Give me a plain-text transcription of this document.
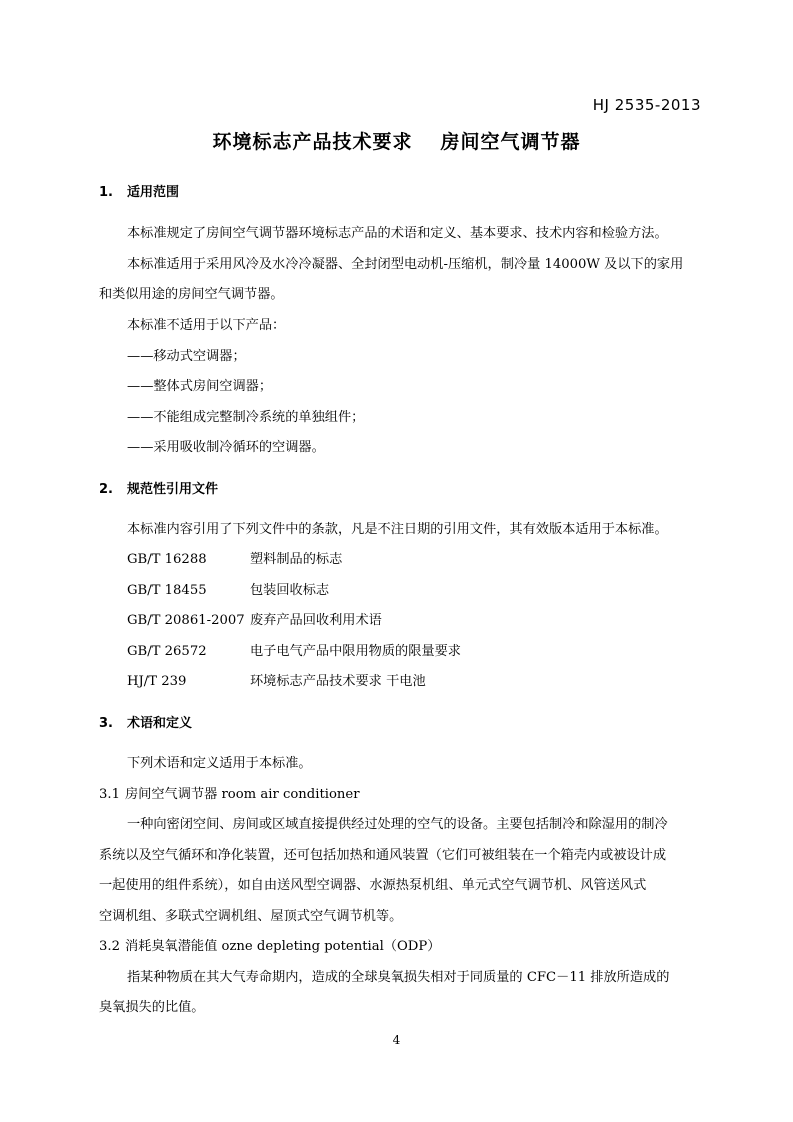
HJ 2535-2013
环境标志产品技术要求 房间空气调节器
1. 适用范围
本标准规定了房间空气调节器环境标志产品的术语和定义、基本要求、技术内容和检验方法。
本标准适用于采用风冷及水冷冷凝器、全封闭型电动机-压缩机，制冷量 14000W 及以下的家用
和类似用途的房间空气调节器。
本标准不适用于以下产品：
——移动式空调器；
——整体式房间空调器；
——不能组成完整制冷系统的单独组件；
——采用吸收制冷循环的空调器。
2. 规范性引用文件
本标准内容引用了下列文件中的条款，凡是不注日期的引用文件，其有效版本适用于本标准。
GB/T 16288	塑料制品的标志
GB/T 18455	包装回收标志
GB/T 20861-2007 废弃产品回收利用术语
GB/T 26572	电子电气产品中限用物质的限量要求
HJ/T 239	环境标志产品技术要求 干电池
3. 术语和定义
下列术语和定义适用于本标准。
3.1 房间空气调节器 room air conditioner
一种向密闭空间、房间或区域直接提供经过处理的空气的设备。主要包括制冷和除湿用的制冷
系统以及空气循环和净化装置，还可包括加热和通风装置（它们可被组装在一个箱壳内或被设计成
一起使用的组件系统），如自由送风型空调器、水源热泵机组、单元式空气调节机、风管送风式
空调机组、多联式空调机组、屋顶式空气调节机等。
3.2 消耗臭氧潜能值 ozne depleting potential（ODP）
指某种物质在其大气寿命期内，造成的全球臭氧损失相对于同质量的 CFC－11 排放所造成的
臭氧损失的比值。
4
